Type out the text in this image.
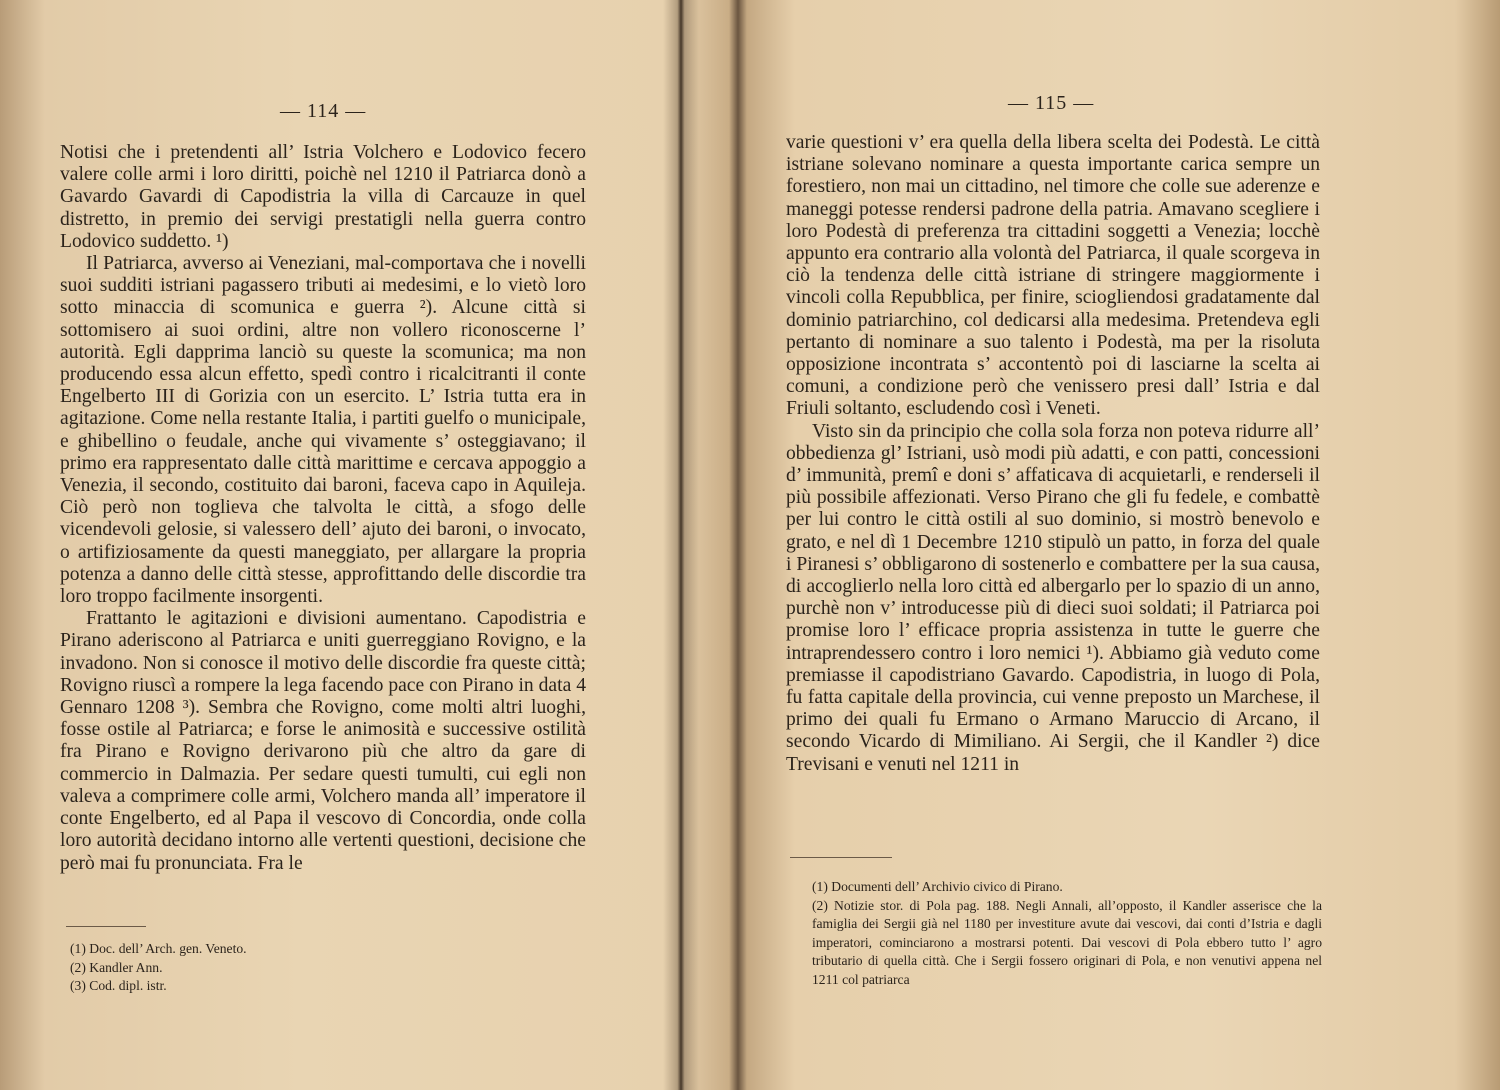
— 114 —

Notisi che i pretendenti all’ Istria Volchero e Lodovico fecero valere colle armi i loro diritti, poichè nel 1210 il Patriarca donò a Gavardo Gavardi di Capodistria la villa di Carcauze in quel distretto, in premio dei servigi prestatigli nella guerra contro Lodovico suddetto. ¹)

Il Patriarca, avverso ai Veneziani, mal-comportava che i novelli suoi sudditi istriani pagassero tributi ai medesimi, e lo vietò loro sotto minaccia di scomunica e guerra ²). Alcune città si sottomisero ai suoi ordini, altre non vollero riconoscerne l’ autorità. Egli dapprima lanciò su queste la scomunica; ma non producendo essa alcun effetto, spedì contro i ricalcitranti il conte Engelberto III di Gorizia con un esercito. L’ Istria tutta era in agitazione. Come nella restante Italia, i partiti guelfo o municipale, e ghibellino o feudale, anche qui vivamente s’ osteggiavano; il primo era rappresentato dalle città marittime e cercava appoggio a Venezia, il secondo, costituito dai baroni, faceva capo in Aquileja. Ciò però non toglieva che talvolta le città, a sfogo delle vicendevoli gelosie, si valessero dell’ ajuto dei baroni, o invocato, o artifiziosamente da questi maneggiato, per allargare la propria potenza a danno delle città stesse, approfittando delle discordie tra loro troppo facilmente insorgenti.

Frattanto le agitazioni e divisioni aumentano. Capodistria e Pirano aderiscono al Patriarca e uniti guerreggiano Rovigno, e la invadono. Non si conosce il motivo delle discordie fra queste città; Rovigno riuscì a rompere la lega facendo pace con Pirano in data 4 Gennaro 1208 ³). Sembra che Rovigno, come molti altri luoghi, fosse ostile al Patriarca; e forse le animosità e successive ostilità fra Pirano e Rovigno derivarono più che altro da gare di commercio in Dalmazia. Per sedare questi tumulti, cui egli non valeva a comprimere colle armi, Volchero manda all’ imperatore il conte Engelberto, ed al Papa il vescovo di Concordia, onde colla loro autorità decidano intorno alle vertenti questioni, decisione che però mai fu pronunciata. Fra le

(1) Doc. dell’ Arch. gen. Veneto.
(2) Kandler Ann.
(3) Cod. dipl. istr.
— 115 —

varie questioni v’ era quella della libera scelta dei Podestà. Le città istriane solevano nominare a questa importante carica sempre un forestiero, non mai un cittadino, nel timore che colle sue aderenze e maneggi potesse rendersi padrone della patria. Amavano scegliere i loro Podestà di preferenza tra cittadini soggetti a Venezia; locchè appunto era contrario alla volontà del Patriarca, il quale scorgeva in ciò la tendenza delle città istriane di stringere maggiormente i vincoli colla Repubblica, per finire, sciogliendosi gradatamente dal dominio patriarchino, col dedicarsi alla medesima. Pretendeva egli pertanto di nominare a suo talento i Podestà, ma per la risoluta opposizione incontrata s’ accontentò poi di lasciarne la scelta ai comuni, a condizione però che venissero presi dall’ Istria e dal Friuli soltanto, escludendo così i Veneti.

Visto sin da principio che colla sola forza non poteva ridurre all’ obbedienza gl’ Istriani, usò modi più adatti, e con patti, concessioni d’ immunità, premî e doni s’ affaticava di acquietarli, e renderseli il più possibile affezionati. Verso Pirano che gli fu fedele, e combattè per lui contro le città ostili al suo dominio, si mostrò benevolo e grato, e nel dì 1 Decembre 1210 stipulò un patto, in forza del quale i Piranesi s’ obbligarono di sostenerlo e combattere per la sua causa, di accoglierlo nella loro città ed albergarlo per lo spazio di un anno, purchè non v’ introducesse più di dieci suoi soldati; il Patriarca poi promise loro l’ efficace propria assistenza in tutte le guerre che intraprendessero contro i loro nemici ¹). Abbiamo già veduto come premiasse il capodistriano Gavardo. Capodistria, in luogo di Pola, fu fatta capitale della provincia, cui venne preposto un Marchese, il primo dei quali fu Ermano o Armano Maruccio di Arcano, il secondo Vicardo di Mimiliano. Ai Sergii, che il Kandler ²) dice Trevisani e venuti nel 1211 in

(1) Documenti dell’ Archivio civico di Pirano.
(2) Notizie stor. di Pola pag. 188. Negli Annali, all’opposto, il Kandler asserisce che la famiglia dei Sergii già nel 1180 per investiture avute dai vescovi, dai conti d’Istria e dagli imperatori, cominciarono a mostrarsi potenti. Dai vescovi di Pola ebbero tutto l’ agro tributario di quella città. Che i Sergii fossero originari di Pola, e non venutivi appena nel 1211 col patriarca
